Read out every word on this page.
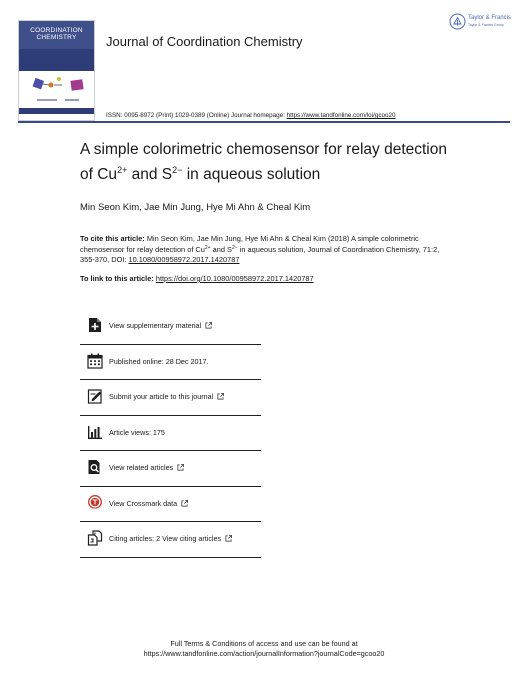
COORDINATION CHEMISTRY	Journal of Coordination Chemistry
Taylor & Francis
Taylor & Francis Group
ISSN: 0095-8972 (Print) 1029-0389 (Online) Journal homepage: https://www.tandfonline.com/loi/gcoo20
A simple colorimetric chemosensor for relay detection of $Cu^{2+}$ and $S^{2-}$ in aqueous solution
Min Seon Kim, Jae Min Jung, Hye Mi Ahn & Cheal Kim
To cite this article: Min Seon Kim, Jae Min Jung, Hye Mi Ahn & Cheal Kim (2018) A simple colorimetric chemosensor for relay detection of $Cu^{2+}$ and $S^{2-}$ in aqueous solution, Journal of Coordination Chemistry, 71:2, 355-370, DOI: 10.1080/00958972.2017.1420787
To link to this article: https://doi.org/10.1080/00958972.2017.1420787
View supplementary material
Published online: 28 Dec 2017.
Submit your article to this journal
Article views: 175
View related articles
View Crossmark data
Citing articles: 2 View citing articles
Full Terms & Conditions of access and use can be found at
https://www.tandfonline.com/action/journalInformation?journalCode=gcoo20
